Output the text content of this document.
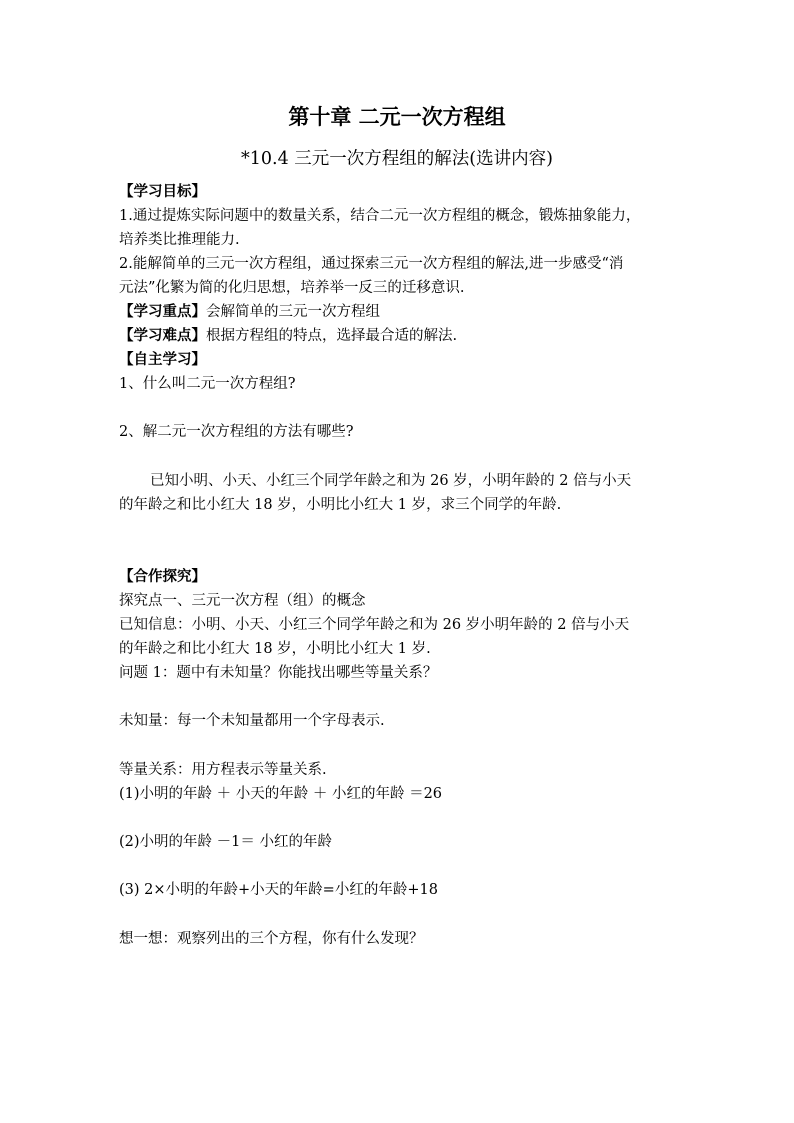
第十章 二元一次方程组
*10.4 三元一次方程组的解法(选讲内容)
【学习目标】
1.通过提炼实际问题中的数量关系，结合二元一次方程组的概念，锻炼抽象能力，
培养类比推理能力.
2.能解简单的三元一次方程组，通过探索三元一次方程组的解法,进一步感受“消
元法”化繁为简的化归思想，培养举一反三的迁移意识.
【学习重点】会解简单的三元一次方程组
【学习难点】根据方程组的特点，选择最合适的解法.
【自主学习】
1、什么叫二元一次方程组?
2、解二元一次方程组的方法有哪些?
已知小明、小天、小红三个同学年龄之和为 26 岁，小明年龄的 2 倍与小天
的年龄之和比小红大 18 岁，小明比小红大 1 岁，求三个同学的年龄.
【合作探究】
探究点一、三元一次方程（组）的概念
已知信息：小明、小天、小红三个同学年龄之和为 26 岁小明年龄的 2 倍与小天
的年龄之和比小红大 18 岁，小明比小红大 1 岁.
问题 1：题中有未知量？你能找出哪些等量关系？
未知量：每一个未知量都用一个字母表示.
等量关系：用方程表示等量关系.
(1)小明的年龄 ＋ 小天的年龄 ＋ 小红的年龄 ＝26
(2)小明的年龄 －1＝ 小红的年龄
(3) 2×小明的年龄+小天的年龄=小红的年龄+18
想一想：观察列出的三个方程，你有什么发现？
